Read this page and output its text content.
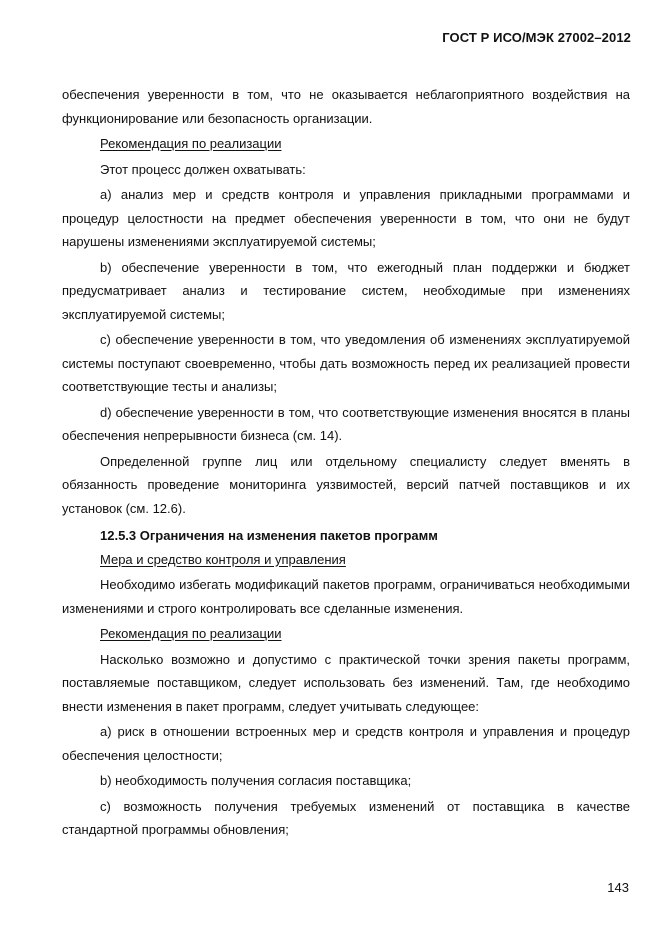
ГОСТ Р ИСО/МЭК 27002–2012

обеспечения уверенности в том, что не оказывается неблагоприятного воздействия на функционирование или безопасность организации.

Рекомендация по реализации

Этот процесс должен охватывать:

a) анализ мер и средств контроля и управления прикладными программами и процедур целостности на предмет обеспечения уверенности в том, что они не будут нарушены изменениями эксплуатируемой системы;

b) обеспечение уверенности в том, что ежегодный план поддержки и бюджет предусматривает анализ и тестирование систем, необходимые при изменениях эксплуатируемой системы;

c) обеспечение уверенности в том, что уведомления об изменениях эксплуатируемой системы поступают своевременно, чтобы дать возможность перед их реализацией провести соответствующие тесты и анализы;

d) обеспечение уверенности в том, что соответствующие изменения вносятся в планы обеспечения непрерывности бизнеса (см. 14).

Определенной группе лиц или отдельному специалисту следует вменять в обязанность проведение мониторинга уязвимостей, версий патчей поставщиков и их установок (см. 12.6).

12.5.3 Ограничения на изменения пакетов программ

Мера и средство контроля и управления

Необходимо избегать модификаций пакетов программ, ограничиваться необходимыми изменениями и строго контролировать все сделанные изменения.

Рекомендация по реализации

Насколько возможно и допустимо с практической точки зрения пакеты программ, поставляемые поставщиком, следует использовать без изменений. Там, где необходимо внести изменения в пакет программ, следует учитывать следующее:

a) риск в отношении встроенных мер и средств контроля и управления и процедур обеспечения целостности;

b) необходимость получения согласия поставщика;

c) возможность получения требуемых изменений от поставщика в качестве стандартной программы обновления;

143
